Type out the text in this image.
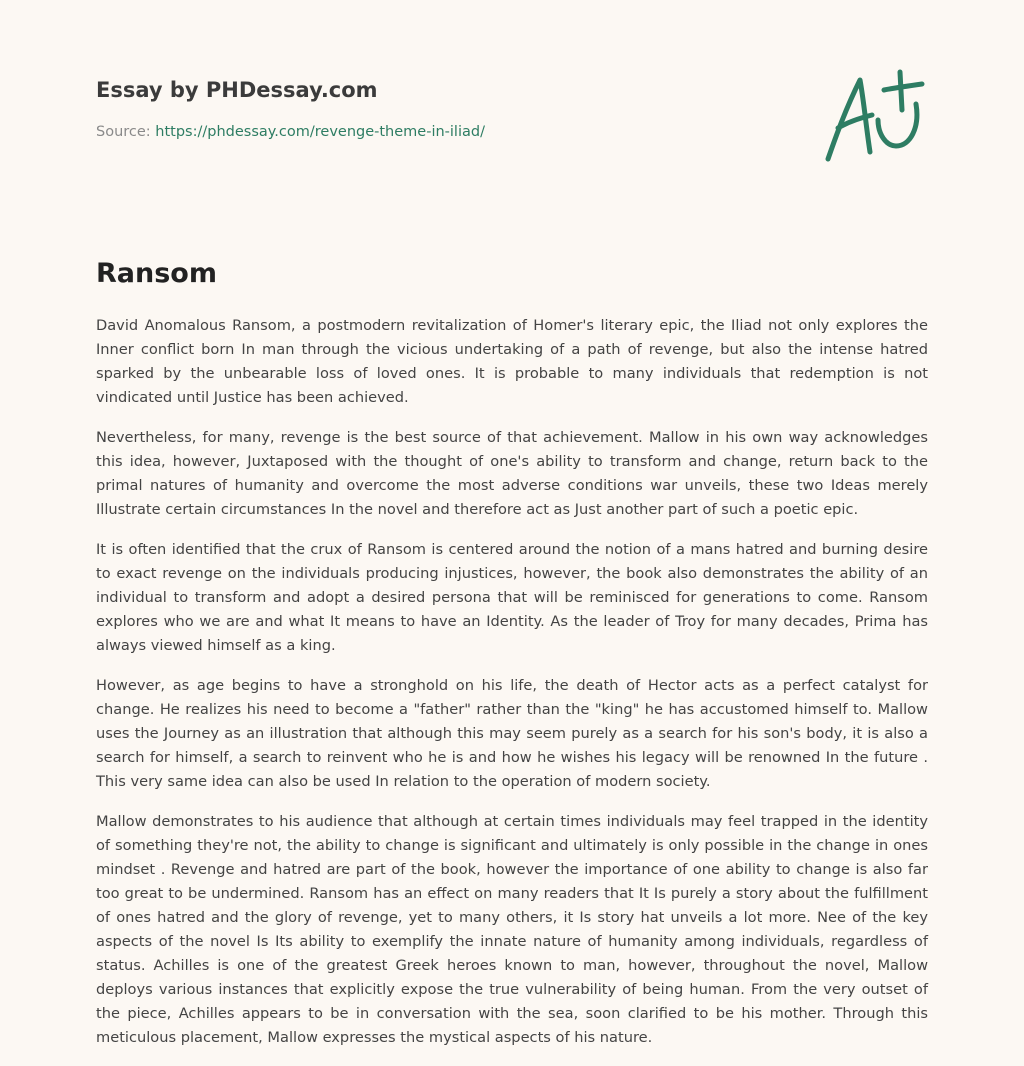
Essay by PHDessay.com
Source: https://phdessay.com/revenge-theme-in-iliad/
Ransom

David Anomalous Ransom, a postmodern revitalization of Homer's literary epic, the Iliad not only explores the Inner conflict born In man through the vicious undertaking of a path of revenge, but also the intense hatred sparked by the unbearable loss of loved ones. It is probable to many individuals that redemption is not vindicated until Justice has been achieved.

Nevertheless, for many, revenge is the best source of that achievement. Mallow in his own way acknowledges this idea, however, Juxtaposed with the thought of one's ability to transform and change, return back to the primal natures of humanity and overcome the most adverse conditions war unveils, these two Ideas merely Illustrate certain circumstances In the novel and therefore act as Just another part of such a poetic epic.

It is often identified that the crux of Ransom is centered around the notion of a mans hatred and burning desire to exact revenge on the individuals producing injustices, however, the book also demonstrates the ability of an individual to transform and adopt a desired persona that will be reminisced for generations to come. Ransom explores who we are and what It means to have an Identity. As the leader of Troy for many decades, Prima has always viewed himself as a king.

However, as age begins to have a stronghold on his life, the death of Hector acts as a perfect catalyst for change. He realizes his need to become a "father" rather than the "king" he has accustomed himself to. Mallow uses the Journey as an illustration that although this may seem purely as a search for his son's body, it is also a search for himself, a search to reinvent who he is and how he wishes his legacy will be renowned In the future . This very same idea can also be used In relation to the operation of modern society.

Mallow demonstrates to his audience that although at certain times individuals may feel trapped in the identity of something they're not, the ability to change is significant and ultimately is only possible in the change in ones mindset . Revenge and hatred are part of the book, however the importance of one ability to change is also far too great to be undermined. Ransom has an effect on many readers that It Is purely a story about the fulfillment of ones hatred and the glory of revenge, yet to many others, it Is story hat unveils a lot more. Nee of the key aspects of the novel Is Its ability to exemplify the innate nature of humanity among individuals, regardless of status. Achilles is one of the greatest Greek heroes known to man, however, throughout the novel, Mallow deploys various instances that explicitly expose the true vulnerability of being human. From the very outset of the piece, Achilles appears to be in conversation with the sea, soon clarified to be his mother. Through this meticulous placement, Mallow expresses the mystical aspects of his nature.
